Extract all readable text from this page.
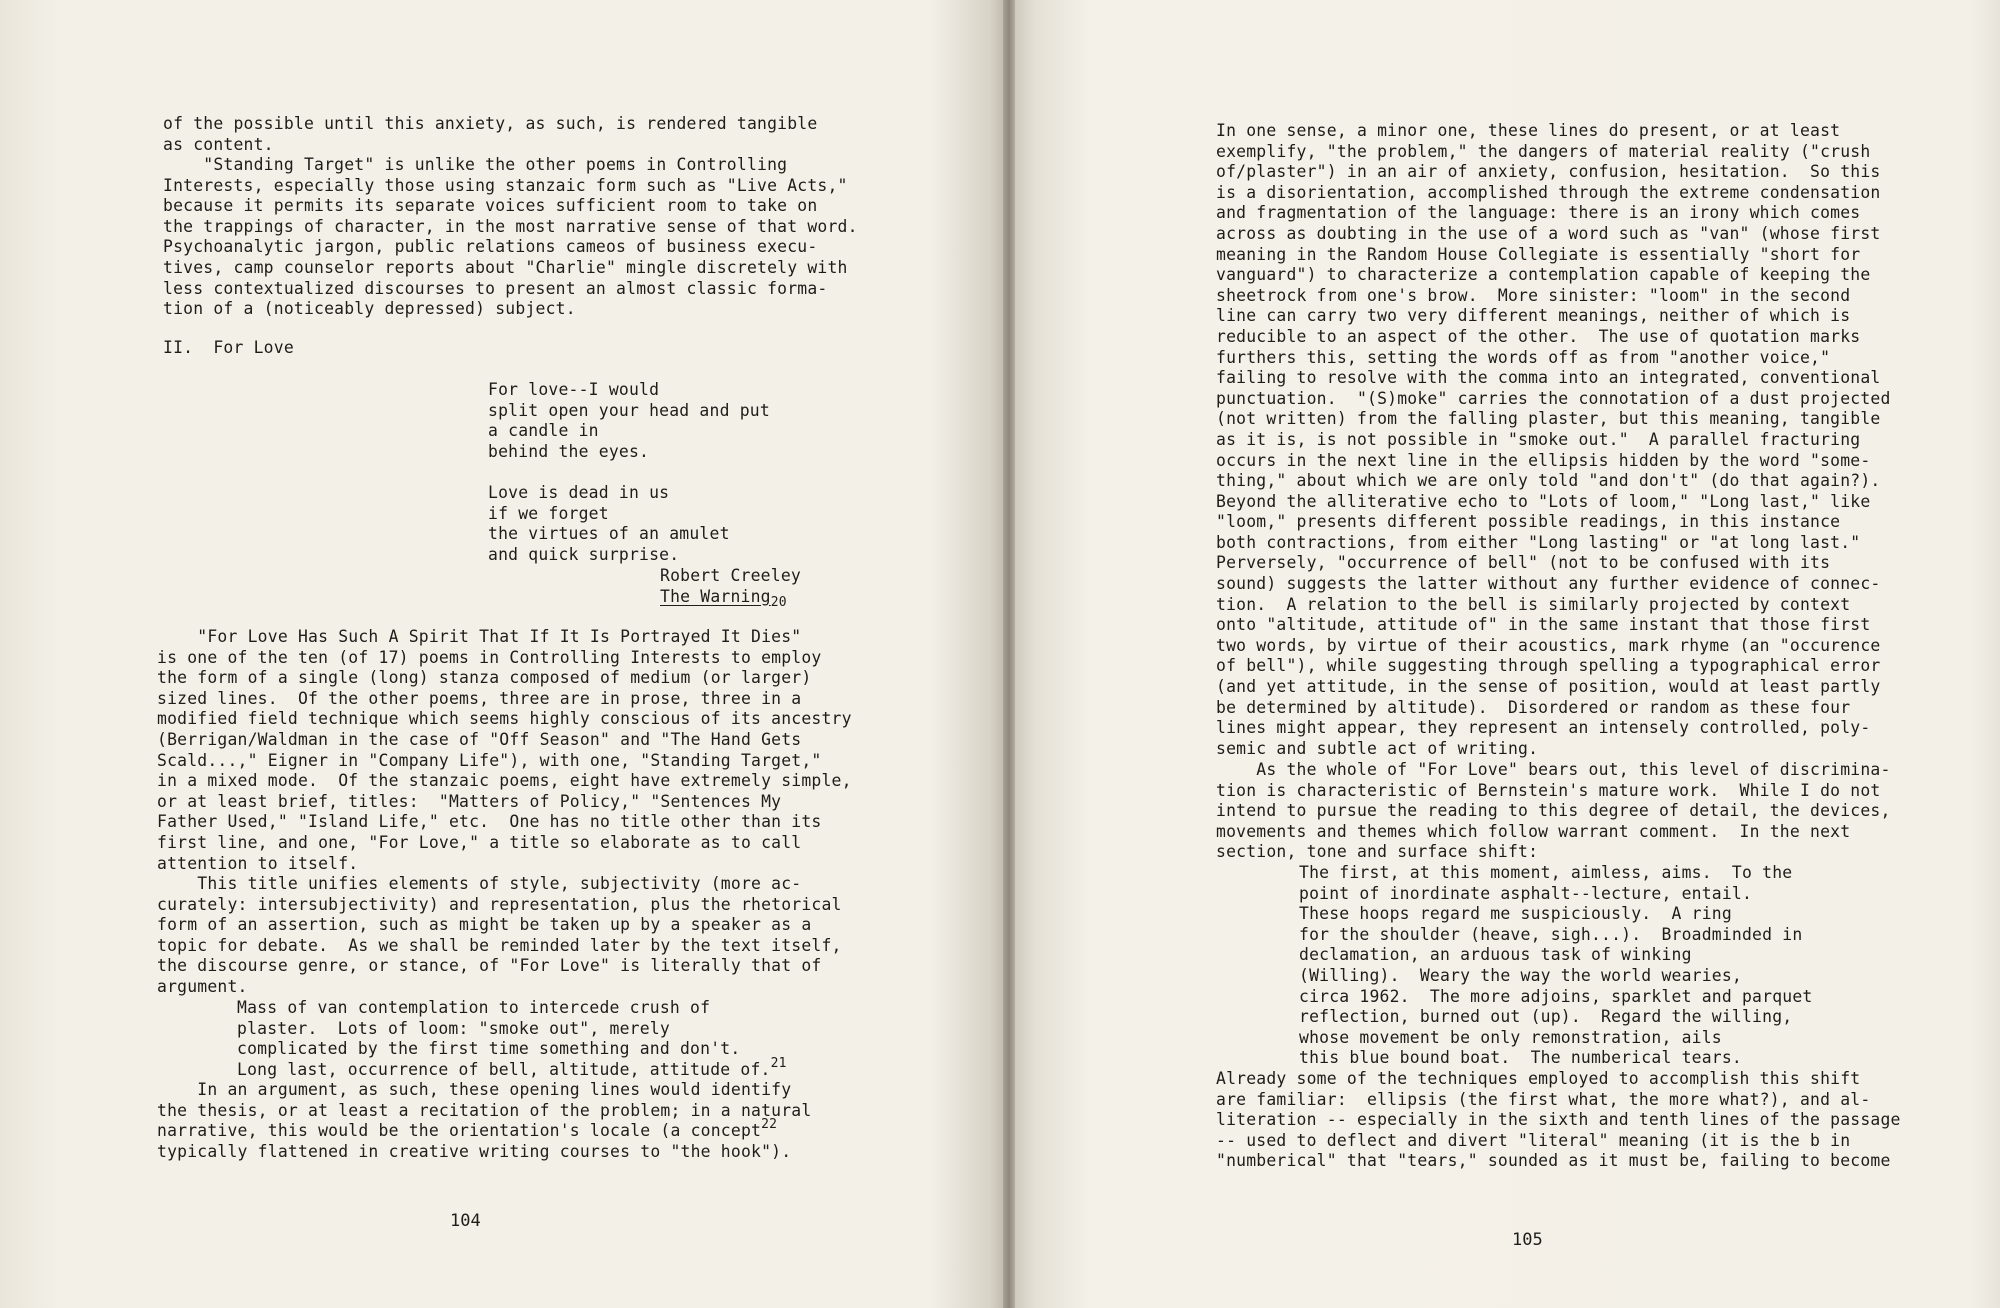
of the possible until this anxiety, as such, is rendered tangible
as content.
"Standing Target" is unlike the other poems in Controlling
Interests, especially those using stanzaic form such as "Live Acts,"
because it permits its separate voices sufficient room to take on
the trappings of character, in the most narrative sense of that word.
Psychoanalytic jargon, public relations cameos of business execu-
tives, camp counselor reports about "Charlie" mingle discretely with
less contextualized discourses to present an almost classic forma-
tion of a (noticeably depressed) subject.
II.  For Love
For love--I would
split open your head and put
a candle in
behind the eyes.
Love is dead in us
if we forget
the virtues of an amulet
and quick surprise.
Robert Creeley
The Warning$_{20}$
"For Love Has Such A Spirit That If It Is Portrayed It Dies"
is one of the ten (of 17) poems in Controlling Interests to employ
the form of a single (long) stanza composed of medium (or larger)
sized lines.  Of the other poems, three are in prose, three in a
modified field technique which seems highly conscious of its ancestry
(Berrigan/Waldman in the case of "Off Season" and "The Hand Gets
Scald...," Eigner in "Company Life"), with one, "Standing Target,"
in a mixed mode.  Of the stanzaic poems, eight have extremely simple,
or at least brief, titles:  "Matters of Policy," "Sentences My
Father Used," "Island Life," etc.  One has no title other than its
first line, and one, "For Love," a title so elaborate as to call
attention to itself.
This title unifies elements of style, subjectivity (more ac-
curately: intersubjectivity) and representation, plus the rhetorical
form of an assertion, such as might be taken up by a speaker as a
topic for debate.  As we shall be reminded later by the text itself,
the discourse genre, or stance, of "For Love" is literally that of
argument.
Mass of van contemplation to intercede crush of
plaster.  Lots of loom: "smoke out", merely
complicated by the first time something and don't.
Long last, occurrence of bell, altitude, attitude of.$^{21}$
In an argument, as such, these opening lines would identify
the thesis, or at least a recitation of the problem; in a natural
narrative, this would be the orientation's locale (a concept$^{22}$
typically flattened in creative writing courses to "the hook").
104
In one sense, a minor one, these lines do present, or at least
exemplify, "the problem," the dangers of material reality ("crush
of/plaster") in an air of anxiety, confusion, hesitation.  So this
is a disorientation, accomplished through the extreme condensation
and fragmentation of the language: there is an irony which comes
across as doubting in the use of a word such as "van" (whose first
meaning in the Random House Collegiate is essentially "short for
vanguard") to characterize a contemplation capable of keeping the
sheetrock from one's brow.  More sinister: "loom" in the second
line can carry two very different meanings, neither of which is
reducible to an aspect of the other.  The use of quotation marks
furthers this, setting the words off as from "another voice,"
failing to resolve with the comma into an integrated, conventional
punctuation.  "(S)moke" carries the connotation of a dust projected
(not written) from the falling plaster, but this meaning, tangible
as it is, is not possible in "smoke out."  A parallel fracturing
occurs in the next line in the ellipsis hidden by the word "some-
thing," about which we are only told "and don't" (do that again?).
Beyond the alliterative echo to "Lots of loom," "Long last," like
"loom," presents different possible readings, in this instance
both contractions, from either "Long lasting" or "at long last."
Perversely, "occurrence of bell" (not to be confused with its
sound) suggests the latter without any further evidence of connec-
tion.  A relation to the bell is similarly projected by context
onto "altitude, attitude of" in the same instant that those first
two words, by virtue of their acoustics, mark rhyme (an "occurence
of bell"), while suggesting through spelling a typographical error
(and yet attitude, in the sense of position, would at least partly
be determined by altitude).  Disordered or random as these four
lines might appear, they represent an intensely controlled, poly-
semic and subtle act of writing.
As the whole of "For Love" bears out, this level of discrimina-
tion is characteristic of Bernstein's mature work.  While I do not
intend to pursue the reading to this degree of detail, the devices,
movements and themes which follow warrant comment.  In the next
section, tone and surface shift:
The first, at this moment, aimless, aims.  To the
point of inordinate asphalt--lecture, entail.
These hoops regard me suspiciously.  A ring
for the shoulder (heave, sigh...).  Broadminded in
declamation, an arduous task of winking
(Willing).  Weary the way the world wearies,
circa 1962.  The more adjoins, sparklet and parquet
reflection, burned out (up).  Regard the willing,
whose movement be only remonstration, ails
this blue bound boat.  The numberical tears.
Already some of the techniques employed to accomplish this shift
are familiar:  ellipsis (the first what, the more what?), and al-
literation -- especially in the sixth and tenth lines of the passage
-- used to deflect and divert "literal" meaning (it is the b in
"numberical" that "tears," sounded as it must be, failing to become
105
